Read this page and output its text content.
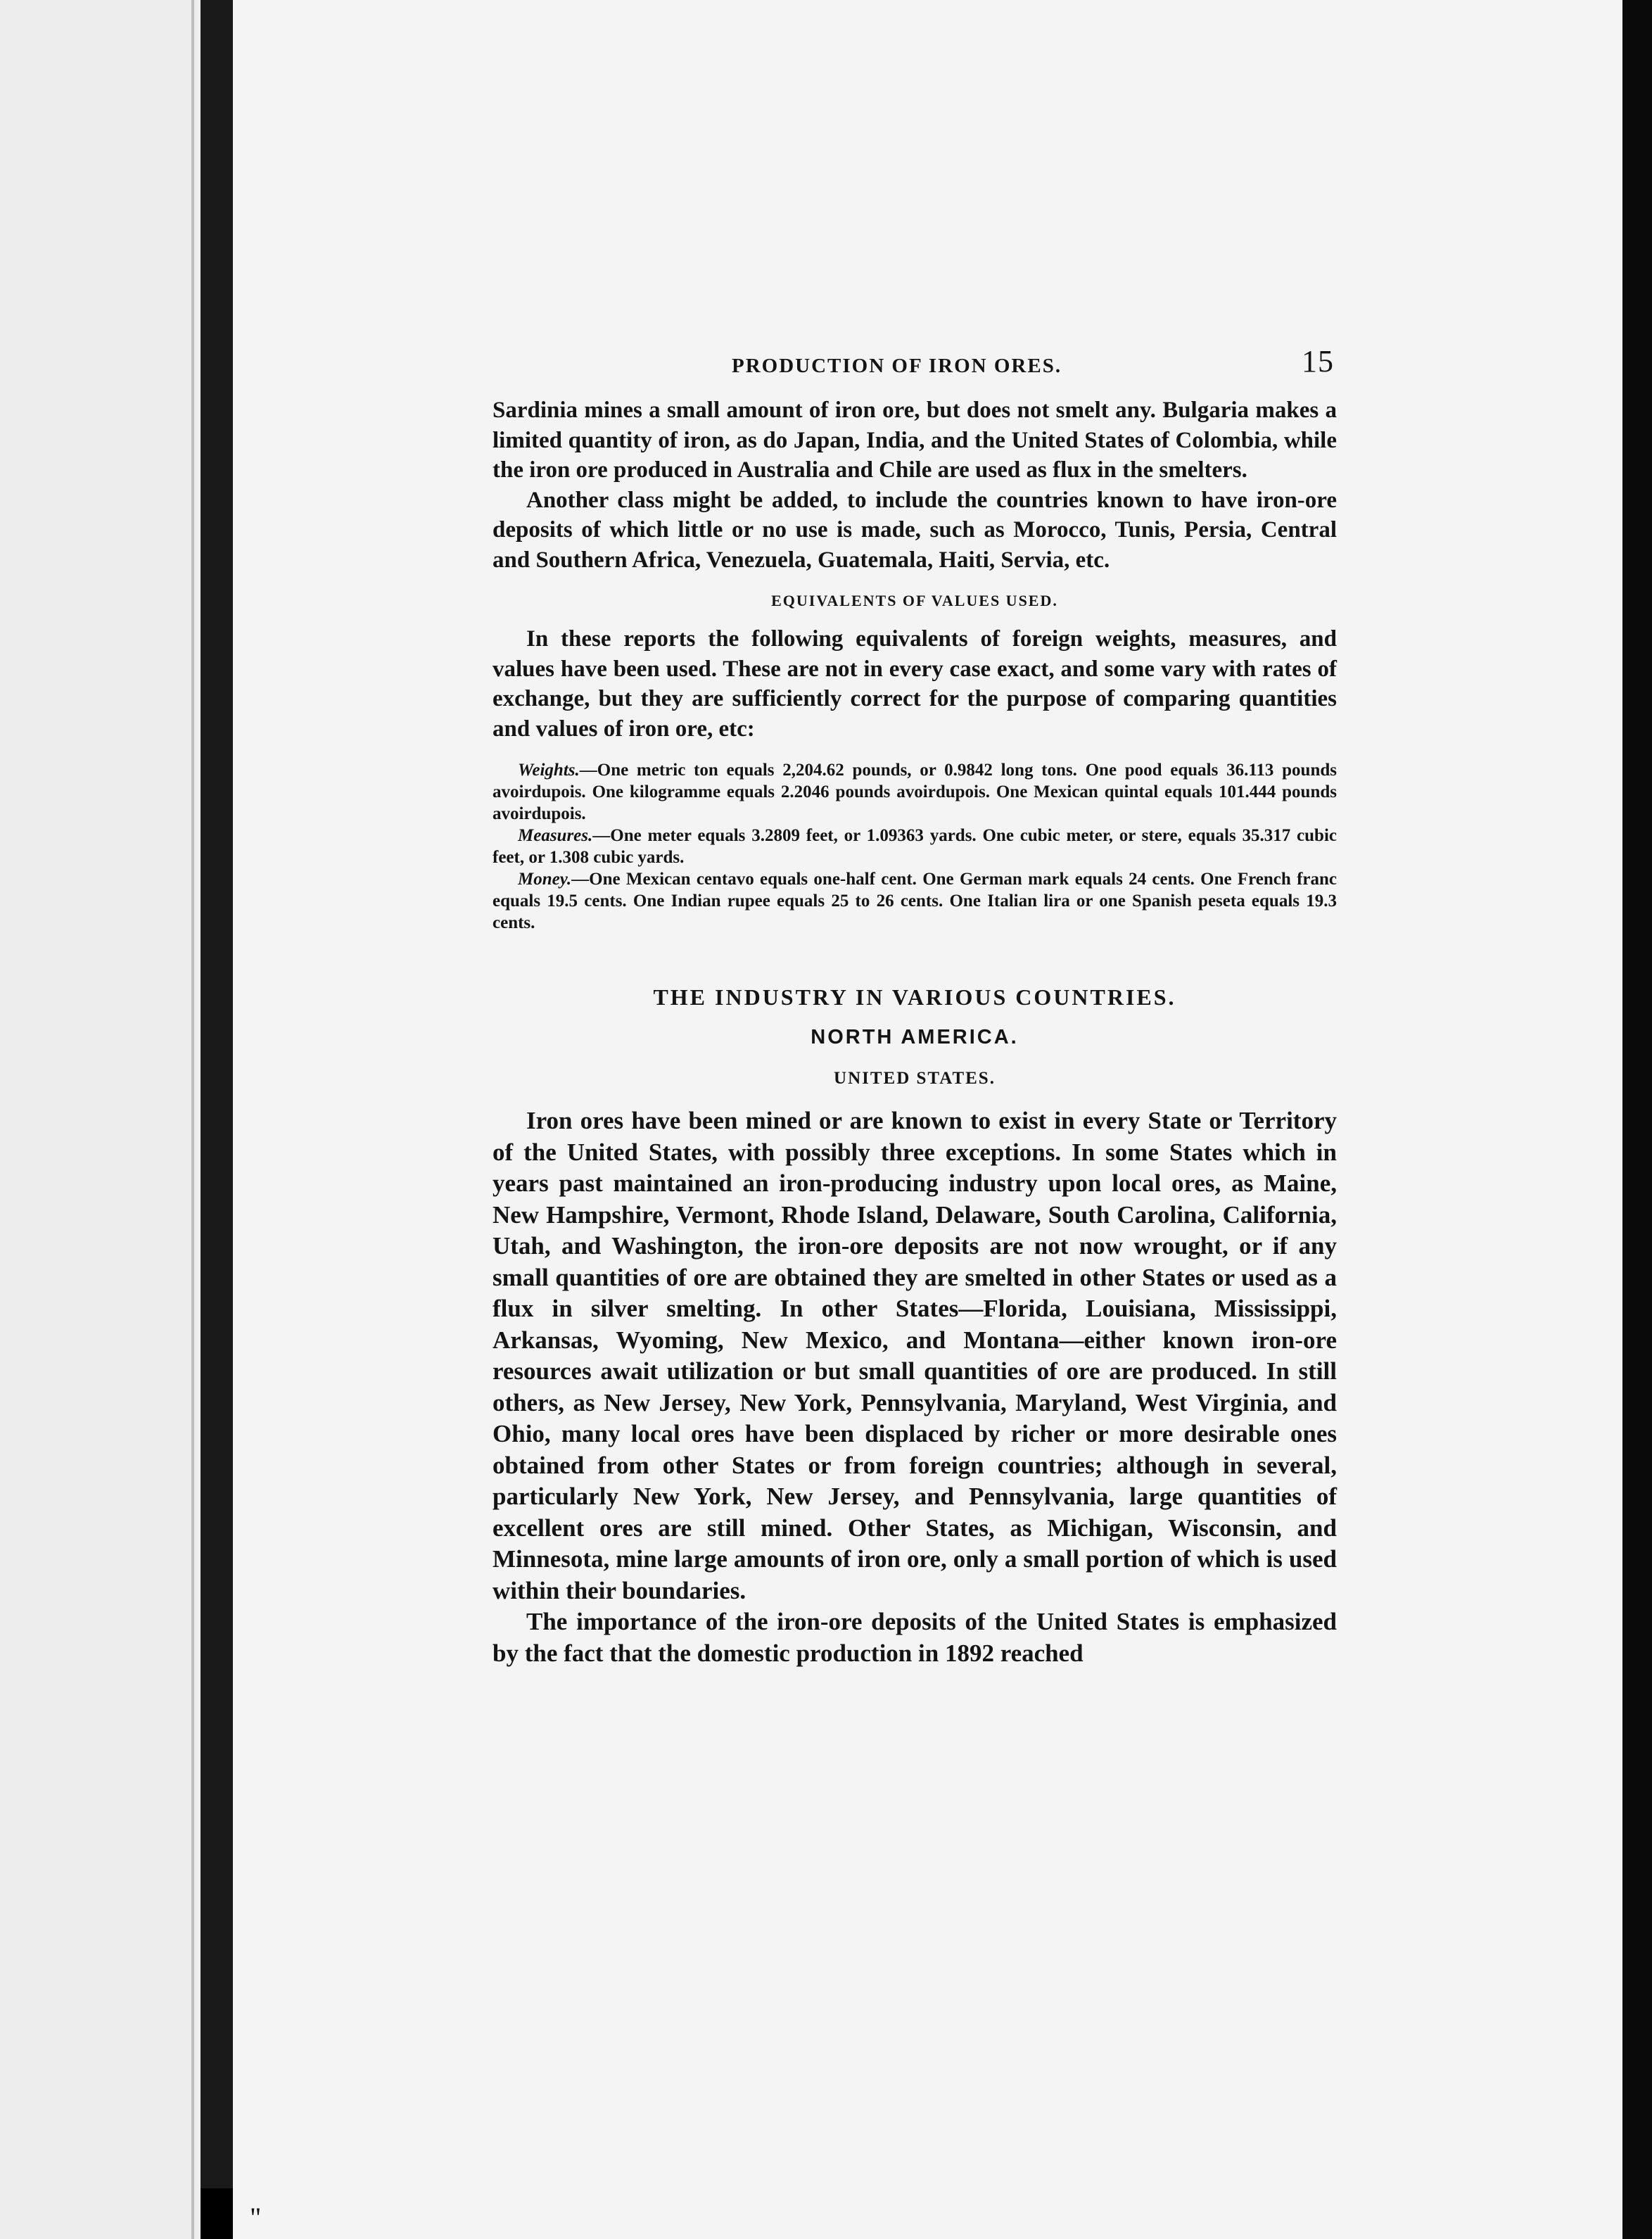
"
PRODUCTION OF IRON ORES.	15

Sardinia mines a small amount of iron ore, but does not smelt any. Bulgaria makes a limited quantity of iron, as do Japan, India, and the United States of Colombia, while the iron ore produced in Australia and Chile are used as flux in the smelters.

Another class might be added, to include the countries known to have iron-ore deposits of which little or no use is made, such as Morocco, Tunis, Persia, Central and Southern Africa, Venezuela, Guatemala, Haiti, Servia, etc.

EQUIVALENTS OF VALUES USED.

In these reports the following equivalents of foreign weights, measures, and values have been used. These are not in every case exact, and some vary with rates of exchange, but they are sufficiently correct for the purpose of comparing quantities and values of iron ore, etc:

Weights.—One metric ton equals 2,204.62 pounds, or 0.9842 long tons. One pood equals 36.113 pounds avoirdupois. One kilogramme equals 2.2046 pounds avoirdupois. One Mexican quintal equals 101.444 pounds avoirdupois.

Measures.—One meter equals 3.2809 feet, or 1.09363 yards. One cubic meter, or stere, equals 35.317 cubic feet, or 1.308 cubic yards.

Money.—One Mexican centavo equals one-half cent. One German mark equals 24 cents. One French franc equals 19.5 cents. One Indian rupee equals 25 to 26 cents. One Italian lira or one Spanish peseta equals 19.3 cents.

THE INDUSTRY IN VARIOUS COUNTRIES.
NORTH AMERICA.
UNITED STATES.

Iron ores have been mined or are known to exist in every State or Territory of the United States, with possibly three exceptions. In some States which in years past maintained an iron-producing industry upon local ores, as Maine, New Hampshire, Vermont, Rhode Island, Delaware, South Carolina, California, Utah, and Washington, the iron-ore deposits are not now wrought, or if any small quantities of ore are obtained they are smelted in other States or used as a flux in silver smelting. In other States—Florida, Louisiana, Mississippi, Arkansas, Wyoming, New Mexico, and Montana—either known iron-ore resources await utilization or but small quantities of ore are produced. In still others, as New Jersey, New York, Pennsylvania, Maryland, West Virginia, and Ohio, many local ores have been displaced by richer or more desirable ones obtained from other States or from foreign countries; although in several, particularly New York, New Jersey, and Pennsylvania, large quantities of excellent ores are still mined. Other States, as Michigan, Wisconsin, and Minnesota, mine large amounts of iron ore, only a small portion of which is used within their boundaries.

The importance of the iron-ore deposits of the United States is emphasized by the fact that the domestic production in 1892 reached
